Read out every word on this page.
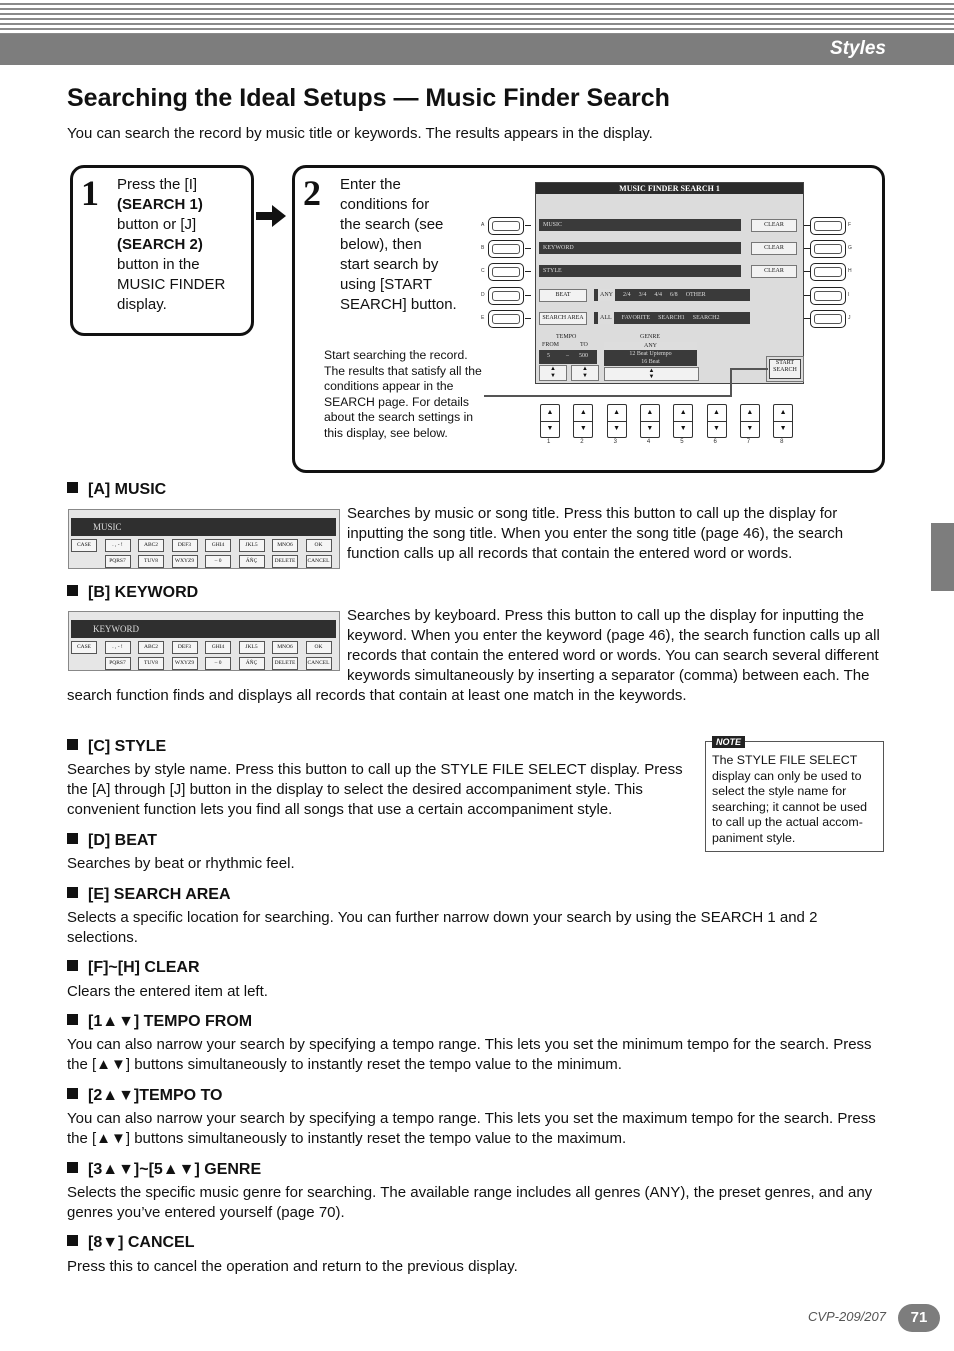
Styles
Searching the Ideal Setups — Music Finder Search
You can search the record by music title or keywords. The results appears in the display.
1 Press the [I]
(SEARCH 1)
button or [J]
(SEARCH 2)
button in the
MUSIC FINDER
display.
2 Enter the
conditions for
the search (see
below), then
start search by
using [START
SEARCH] button.
A
B
C
D
E
F
G
H
I
J
MUSIC FINDER SEARCH 1
MUSIC
KEYWORD
STYLE
CLEAR
CLEAR
CLEAR
BEAT	ANY	2/4 3/4 4/4 6/8 OTHER
SEARCH AREA	ALL	FAVORITE SEARCH1 SEARCH2
TEMPO
FROM	TO
5	– 500
▲
▼
▲
▼
GENRE
ANY
12 Beat Uptempo
16 Beat
▲
▼
START SEARCH
Start searching the record. The results that satisfy all the conditions appear in the SEARCH page. For details about the search settings in this display, see below.
▲
▼
1
▲
▼
2
▲
▼
3
▲
▼
4
▲
▼
5
▲
▼
6
▲
▼
7
▲
▼
8
[A] MUSIC
MUSIC
CASE	. , - !	ABC2	DEF3	GHI4	JKL5	MNO6	OK
PQRS7	TUV8	WXYZ9	– 0	ÄÑÇ	DELETE	CANCEL
Searches by music or song title. Press this button to call up the display for inputting the song title. When you enter the song title (page 46), the search function calls up all records that contain the entered word or words.
[B] KEYWORD
KEYWORD
CASE	. , - !	ABC2	DEF3	GHI4	JKL5	MNO6	OK
PQRS7	TUV8	WXYZ9	– 0	ÄÑÇ	DELETE	CANCEL
Searches by keyboard. Press this button to call up the display for inputting the keyword. When you enter the keyword (page 46), the search function calls up all records that contain the entered word or words. You can search several different keywords simultaneously by inserting a separator (comma) between each. The search function finds and displays all records that contain at least one match in the keywords.
[C] STYLE
Searches by style name. Press this button to call up the STYLE FILE SELECT display. Press the [A] through [J] button in the display to select the desired accompaniment style. This convenient function lets you find all songs that use a certain accompaniment style.
NOTE
The STYLE FILE SELECT display can only be used to select the style name for searching; it cannot be used to call up the actual accom- paniment style.
[D] BEAT
Searches by beat or rhythmic feel.
[E] SEARCH AREA
Selects a specific location for searching. You can further narrow down your search by using the SEARCH 1 and 2 selections.
[F]~[H] CLEAR
Clears the entered item at left.
[1▲▼] TEMPO FROM
You can also narrow your search by specifying a tempo range. This lets you set the minimum tempo for the search. Press the [▲▼] buttons simultaneously to instantly reset the tempo value to the minimum.
[2▲▼]TEMPO TO
You can also narrow your search by specifying a tempo range. This lets you set the maximum tempo for the search. Press the [▲▼] buttons simultaneously to instantly reset the tempo value to the maximum.
[3▲▼]~[5▲▼] GENRE
Selects the specific music genre for searching. The available range includes all genres (ANY), the preset genres, and any genres you’ve entered yourself (page 70).
[8▼] CANCEL
Press this to cancel the operation and return to the previous display.
CVP-209/207	71
